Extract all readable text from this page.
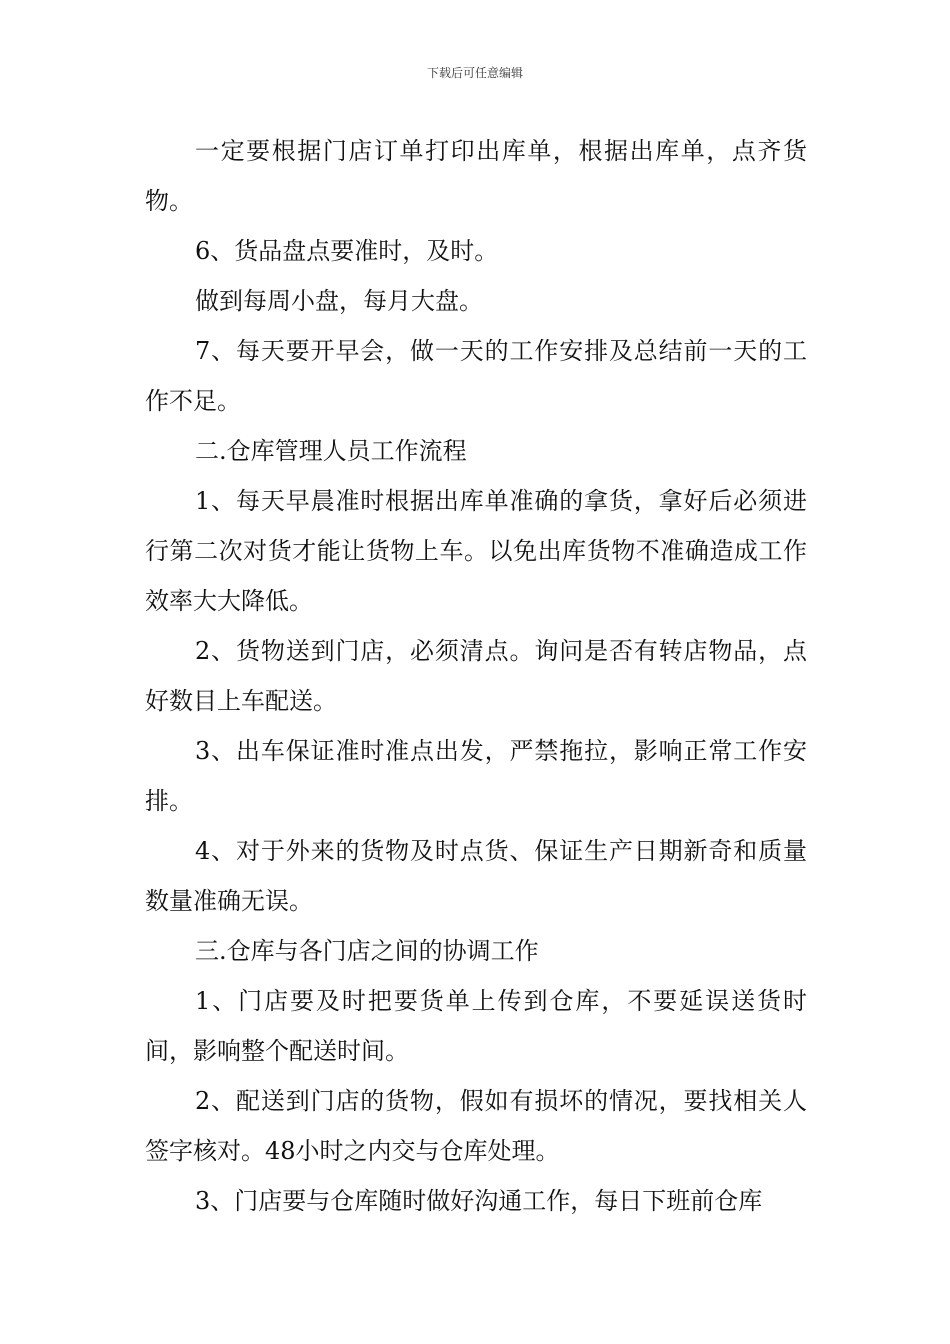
下载后可任意编辑

一定要根据门店订单打印出库单，根据出库单，点齐货物。

6、货品盘点要准时，及时。

做到每周小盘，每月大盘。

7、每天要开早会，做一天的工作安排及总结前一天的工作不足。

二.仓库管理人员工作流程

1、每天早晨准时根据出库单准确的拿货，拿好后必须进行第二次对货才能让货物上车。以免出库货物不准确造成工作效率大大降低。

2、货物送到门店，必须清点。询问是否有转店物品，点好数目上车配送。

3、出车保证准时准点出发，严禁拖拉，影响正常工作安排。

4、对于外来的货物及时点货、保证生产日期新奇和质量数量准确无误。

三.仓库与各门店之间的协调工作

1、门店要及时把要货单上传到仓库，不要延误送货时间，影响整个配送时间。

2、配送到门店的货物，假如有损坏的情况，要找相关人签字核对。48小时之内交与仓库处理。

3、门店要与仓库随时做好沟通工作，每日下班前仓库
